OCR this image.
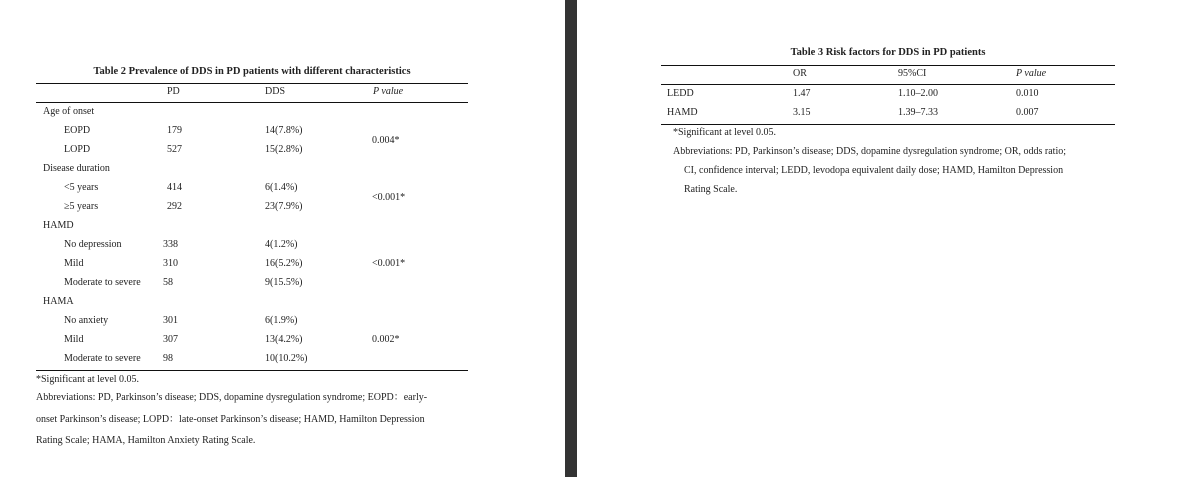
Table 2 Prevalence of DDS in PD patients with different characteristics
PD	DDS	P value
Age of onset
EOPD	179	14(7.8%)
LOPD	527	15(2.8%)
0.004*
Disease duration
<5 years	414	6(1.4%)
≥5 years	292	23(7.9%)
<0.001*
HAMD
No depression	338	4(1.2%)
Mild	310	16(5.2%)
Moderate to severe 58	9(15.5%)
<0.001*
HAMA
No anxiety	301	6(1.9%)
Mild	307	13(4.2%)
Moderate to severe 98	10(10.2%)
0.002*
*Significant at level 0.05.
Abbreviations: PD, Parkinson’s disease; DDS, dopamine dysregulation syndrome; EOPD：early-
onset Parkinson’s disease; LOPD：late-onset Parkinson’s disease; HAMD, Hamilton Depression
Rating Scale; HAMA, Hamilton Anxiety Rating Scale.
Table 3 Risk factors for DDS in PD patients
OR	95%CI	P value
LEDD	1.47	1.10–2.00	0.010
HAMD	3.15	1.39–7.33	0.007
*Significant at level 0.05.
Abbreviations: PD, Parkinson’s disease; DDS, dopamine dysregulation syndrome; OR, odds ratio;
CI, confidence interval; LEDD, levodopa equivalent daily dose; HAMD, Hamilton Depression
Rating Scale.
